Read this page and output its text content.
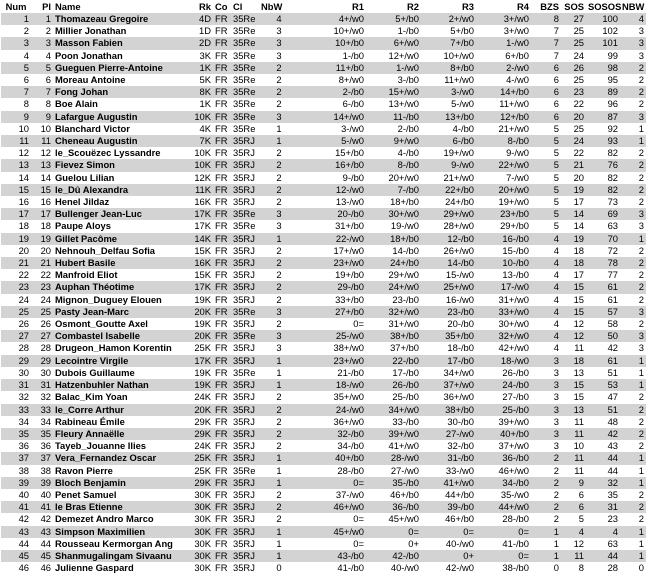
Num	Pl	Name	Rk	Co	Cl	NbW	R1	R2	R3	R4	BZS	SOS	SOSOS	NBW
1	1	Thomazeau Gregoire	4D	FR	35Re	4	4+/w0	5+/b0	2+/w0	3+/w0	8	27	100	4
2	2	Millier Jonathan	1D	FR	35Re	3	10+/w0	1-/b0	5+/b0	3+/w0	7	25	102	3
3	3	Masson Fabien	2D	FR	35Re	3	10+/b0	6+/w0	7+/b0	1-/w0	7	25	101	3
4	4	Poon Jonathan	3K	FR	35Re	3	1-/b0	12+/w0	10+/w0	6+/b0	7	24	99	3
5	5	Gueguen Pierre-Antoine	1K	FR	35Re	2	11+/b0	1-/w0	8+/b0	2-/w0	6	26	98	2
6	6	Moreau Antoine	5K	FR	35Re	2	8+/w0	3-/b0	11+/w0	4-/w0	6	25	95	2
7	7	Fong Johan	8K	FR	35Re	2	2-/b0	15+/w0	3-/w0	14+/b0	6	23	89	2
8	8	Boe Alain	1K	FR	35Re	2	6-/b0	13+/w0	5-/w0	11+/w0	6	22	96	2
9	9	Lafargue Augustin	10K	FR	35Re	3	14+/w0	11-/b0	13+/b0	12+/b0	6	20	87	3
10	10	Blanchard Victor	4K	FR	35Re	1	3-/w0	2-/b0	4-/b0	21+/w0	5	25	92	1
11	11	Cheneau Augustin	7K	FR	35RJ	1	5-/w0	9+/w0	6-/b0	8-/b0	5	24	93	1
12	12	le_Scouëzec Lyssandre	10K	FR	35RJ	2	15+/b0	4-/b0	19+/w0	9-/w0	5	22	82	2
13	13	Fievez Simon	10K	FR	35RJ	2	16+/b0	8-/b0	9-/w0	22+/w0	5	21	76	2
14	14	Guelou Lilian	12K	FR	35RJ	2	9-/b0	20+/w0	21+/w0	7-/w0	5	20	82	2
15	15	le_Dû Alexandra	11K	FR	35RJ	2	12-/w0	7-/b0	22+/b0	20+/w0	5	19	82	2
16	16	Henel Jildaz	16K	FR	35RJ	2	13-/w0	18+/b0	24+/b0	19+/w0	5	17	73	2
17	17	Bullenger Jean-Luc	17K	FR	35Re	3	20-/b0	30+/w0	29+/w0	23+/b0	5	14	69	3
18	18	Paupe Aloys	17K	FR	35Re	3	31+/b0	19-/w0	28+/w0	29+/b0	5	14	63	3
19	19	Gillet Pacôme	14K	FR	35RJ	1	22-/w0	18+/b0	12-/b0	16-/b0	4	19	70	1
20	20	Nehnouh_Delfau Sofia	15K	FR	35RJ	2	17+/w0	14-/b0	26+/w0	15-/b0	4	18	72	2
21	21	Hubert Basile	16K	FR	35RJ	2	23+/w0	24+/b0	14-/b0	10-/b0	4	18	78	2
22	22	Manfroid Eliot	15K	FR	35RJ	2	19+/b0	29+/w0	15-/w0	13-/b0	4	17	77	2
23	23	Auphan Théotime	17K	FR	35RJ	2	29-/b0	24+/w0	25+/w0	17-/w0	4	15	61	2
24	24	Mignon_Duguey Elouen	19K	FR	35RJ	2	33+/b0	23-/b0	16-/w0	31+/w0	4	15	61	2
25	25	Pasty Jean-Marc	20K	FR	35Re	3	27+/b0	32+/w0	23-/b0	33+/w0	4	15	57	3
26	26	Osmont_Goutte Axel	19K	FR	35RJ	2	0=	31+/w0	20-/b0	30+/w0	4	12	58	2
27	27	Combastel Isabelle	20K	FR	35Re	3	25-/w0	38+/b0	35+/b0	32+/w0	4	12	50	3
28	28	Drugeon_Hamon Korentin	25K	FR	35RJ	3	38+/w0	37+/b0	18-/b0	42+/w0	4	11	42	3
29	29	Lecointre Virgile	17K	FR	35RJ	1	23+/w0	22-/b0	17-/b0	18-/w0	3	18	61	1
30	30	Dubois Guillaume	19K	FR	35Re	1	21-/b0	17-/b0	34+/w0	26-/b0	3	13	51	1
31	31	Hatzenbuhler Nathan	19K	FR	35RJ	1	18-/w0	26-/b0	37+/w0	24-/b0	3	15	53	1
32	32	Balac_Kim Yoan	24K	FR	35RJ	2	35+/w0	25-/b0	36+/w0	27-/b0	3	15	47	2
33	33	le_Corre Arthur	20K	FR	35RJ	2	24-/w0	34+/w0	38+/b0	25-/b0	3	13	51	2
34	34	Rabineau Émile	29K	FR	35RJ	2	36+/w0	33-/b0	30-/b0	39+/w0	3	11	48	2
35	35	Fleury Annaëlle	29K	FR	35RJ	2	32-/b0	39+/w0	27-/w0	40+/b0	3	11	42	2
36	36	Tayeb_Jouanne Ilies	24K	FR	35RJ	2	34-/b0	41+/w0	32-/b0	37+/w0	3	10	43	2
37	37	Vera_Fernandez Oscar	25K	FR	35RJ	1	40+/b0	28-/w0	31-/b0	36-/b0	2	11	44	1
38	38	Ravon Pierre	25K	FR	35Re	1	28-/b0	27-/w0	33-/w0	46+/w0	2	11	44	1
39	39	Bloch Benjamin	29K	FR	35RJ	1	0=	35-/b0	41+/w0	34-/b0	2	9	32	1
40	40	Penet Samuel	30K	FR	35RJ	2	37-/w0	46+/b0	44+/b0	35-/w0	2	6	35	2
41	41	le Bras Etienne	30K	FR	35RJ	2	46+/w0	36-/b0	39-/b0	44+/w0	2	6	31	2
42	42	Demezet Andro Marco	30K	FR	35RJ	2	0=	45+/w0	46+/b0	28-/b0	2	5	23	2
43	43	Simpson Maximilien	30K	FR	35RJ	1	45+/w0	0=	0=	0=	1	4	4	1
44	44	Rousseau Kermorgan Ang	30K	FR	35RJ	1	0=	0+	40-/w0	41-/b0	1	12	63	1
45	45	Shanmugalingam Sivaanu	30K	FR	35RJ	1	43-/b0	42-/b0	0+	0=	1	11	44	1
46	46	Julienne Gaspard	30K	FR	35RJ	0	41-/b0	40-/w0	42-/w0	38-/b0	0	8	28	0
